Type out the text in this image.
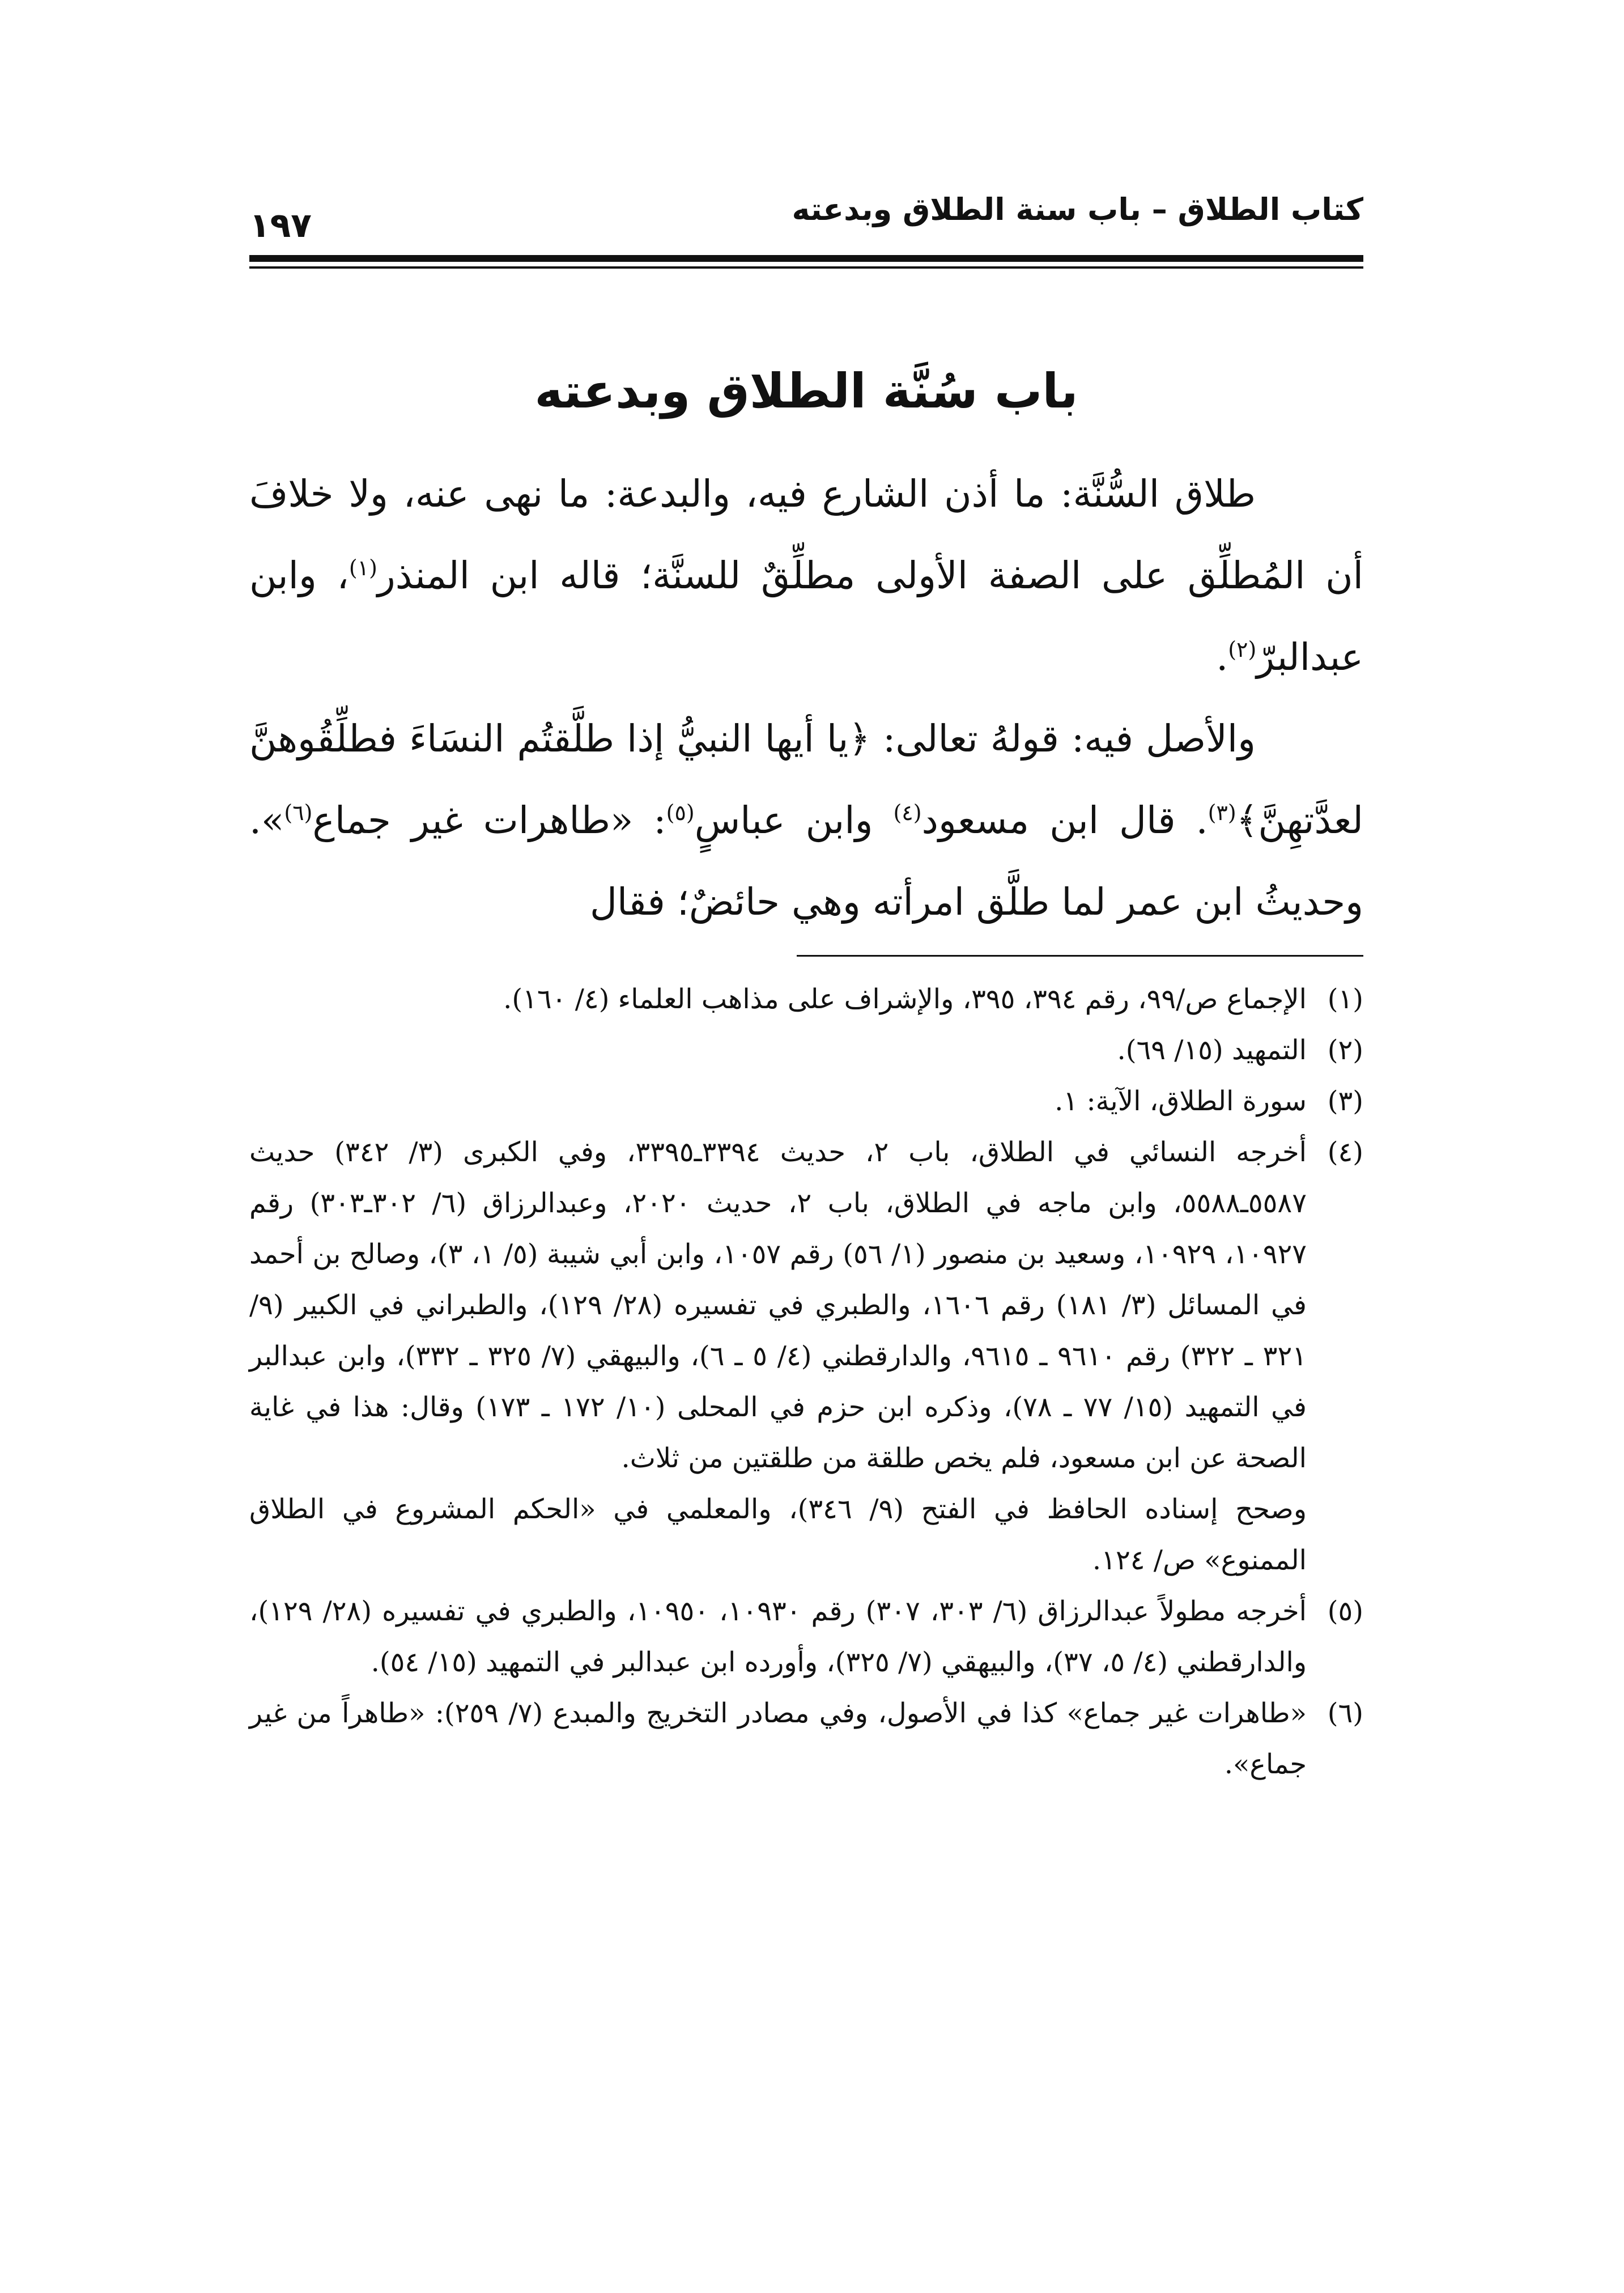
كتاب الطلاق – باب سنة الطلاق وبدعته
١٩٧
باب سُنَّة الطلاق وبدعته

طلاق السُّنَّة: ما أذن الشارع فيه، والبدعة: ما نهى عنه، ولا خلافَ أن المُطلِّق على الصفة الأولى مطلِّقٌ للسنَّة؛ قاله ابن المنذر$^{(١)}$، وابن عبدالبرّ$^{(٢)}$.

والأصل فيه: قولهُ تعالى: ﴿يا أيها النبيُّ إذا طلَّقتُم النسَاءَ فطلِّقُوهنَّ لعدَّتهِنَّ﴾$^{(٣)}$. قال ابن مسعود$^{(٤)}$ وابن عباسٍ$^{(٥)}$: «طاهرات غير جماع$^{(٦)}$». وحديثُ ابن عمر لما طلَّق امرأته وهي حائضٌ؛ فقال

(١)

الإجماع ص/٩٩، رقم ٣٩٤، ٣٩٥، والإشراف على مذاهب العلماء (٤/ ١٦٠).

(٢)

التمهيد (١٥/ ٦٩).

(٣)

سورة الطلاق، الآية: ١.

(٤)

أخرجه النسائي في الطلاق، باب ٢، حديث ٣٣٩٤ـ٣٣٩٥، وفي الكبرى (٣/ ٣٤٢) حديث ٥٥٨٧ـ٥٥٨٨، وابن ماجه في الطلاق، باب ٢، حديث ٢٠٢٠، وعبدالرزاق (٦/ ٣٠٢ـ٣٠٣) رقم ١٠٩٢٧، ١٠٩٢٩، وسعيد بن منصور (١/ ٥٦) رقم ١٠٥٧، وابن أبي شيبة (٥/ ١، ٣)، وصالح بن أحمد في المسائل (٣/ ١٨١) رقم ١٦٠٦، والطبري في تفسيره (٢٨/ ١٢٩)، والطبراني في الكبير (٩/ ٣٢١ ـ ٣٢٢) رقم ٩٦١٠ ـ ٩٦١٥، والدارقطني (٤/ ٥ ـ ٦)، والبيهقي (٧/ ٣٢٥ ـ ٣٣٢)، وابن عبدالبر في التمهيد (١٥/ ٧٧ ـ ٧٨)، وذكره ابن حزم في المحلى (١٠/ ١٧٢ ـ ١٧٣) وقال: هذا في غاية الصحة عن ابن مسعود، فلم يخص طلقة من طلقتين من ثلاث.

وصحح إسناده الحافظ في الفتح (٩/ ٣٤٦)، والمعلمي في «الحكم المشروع في الطلاق الممنوع» ص/ ١٢٤.

(٥)

أخرجه مطولاً عبدالرزاق (٦/ ٣٠٣، ٣٠٧) رقم ١٠٩٣٠، ١٠٩٥٠، والطبري في تفسيره (٢٨/ ١٢٩)، والدارقطني (٤/ ٥، ٣٧)، والبيهقي (٧/ ٣٢٥)، وأورده ابن عبدالبر في التمهيد (١٥/ ٥٤).

(٦)

«طاهرات غير جماع» كذا في الأصول، وفي مصادر التخريج والمبدع (٧/ ٢٥٩): «طاهراً من غير جماع».
